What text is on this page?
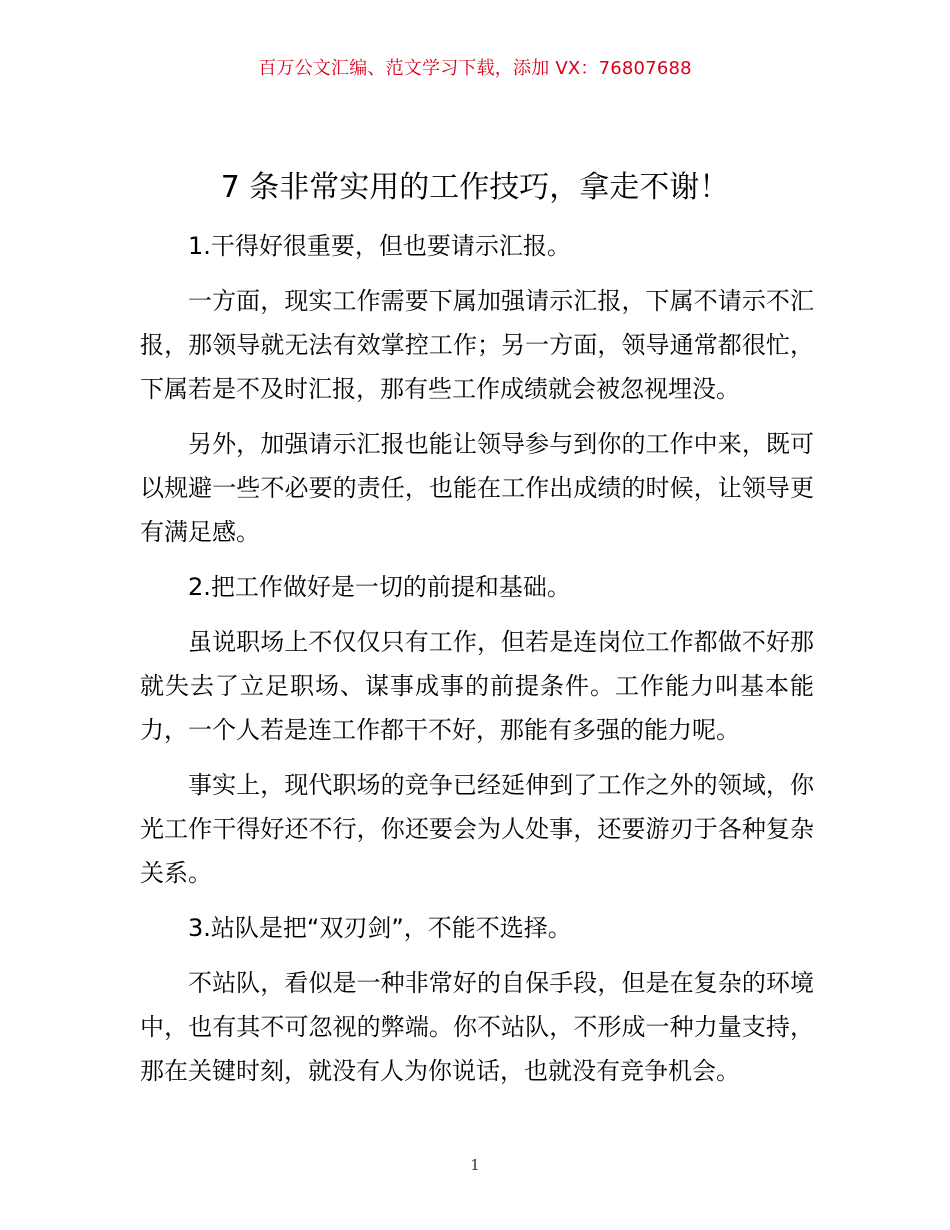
百万公文汇编、范文学习下载，添加 VX：76807688
7 条非常实用的工作技巧，拿走不谢！

1.干得好很重要，但也要请示汇报。

一方面，现实工作需要下属加强请示汇报，下属不请示不汇报，那领导就无法有效掌控工作；另一方面，领导通常都很忙，下属若是不及时汇报，那有些工作成绩就会被忽视埋没。

另外，加强请示汇报也能让领导参与到你的工作中来，既可以规避一些不必要的责任，也能在工作出成绩的时候，让领导更有满足感。

2.把工作做好是一切的前提和基础。

虽说职场上不仅仅只有工作，但若是连岗位工作都做不好那就失去了立足职场、谋事成事的前提条件。工作能力叫基本能力，一个人若是连工作都干不好，那能有多强的能力呢。

事实上，现代职场的竞争已经延伸到了工作之外的领域，你光工作干得好还不行，你还要会为人处事，还要游刃于各种复杂关系。

3.站队是把“双刃剑”，不能不选择。

不站队，看似是一种非常好的自保手段，但是在复杂的环境中，也有其不可忽视的弊端。你不站队，不形成一种力量支持，那在关键时刻，就没有人为你说话，也就没有竞争机会。

1
